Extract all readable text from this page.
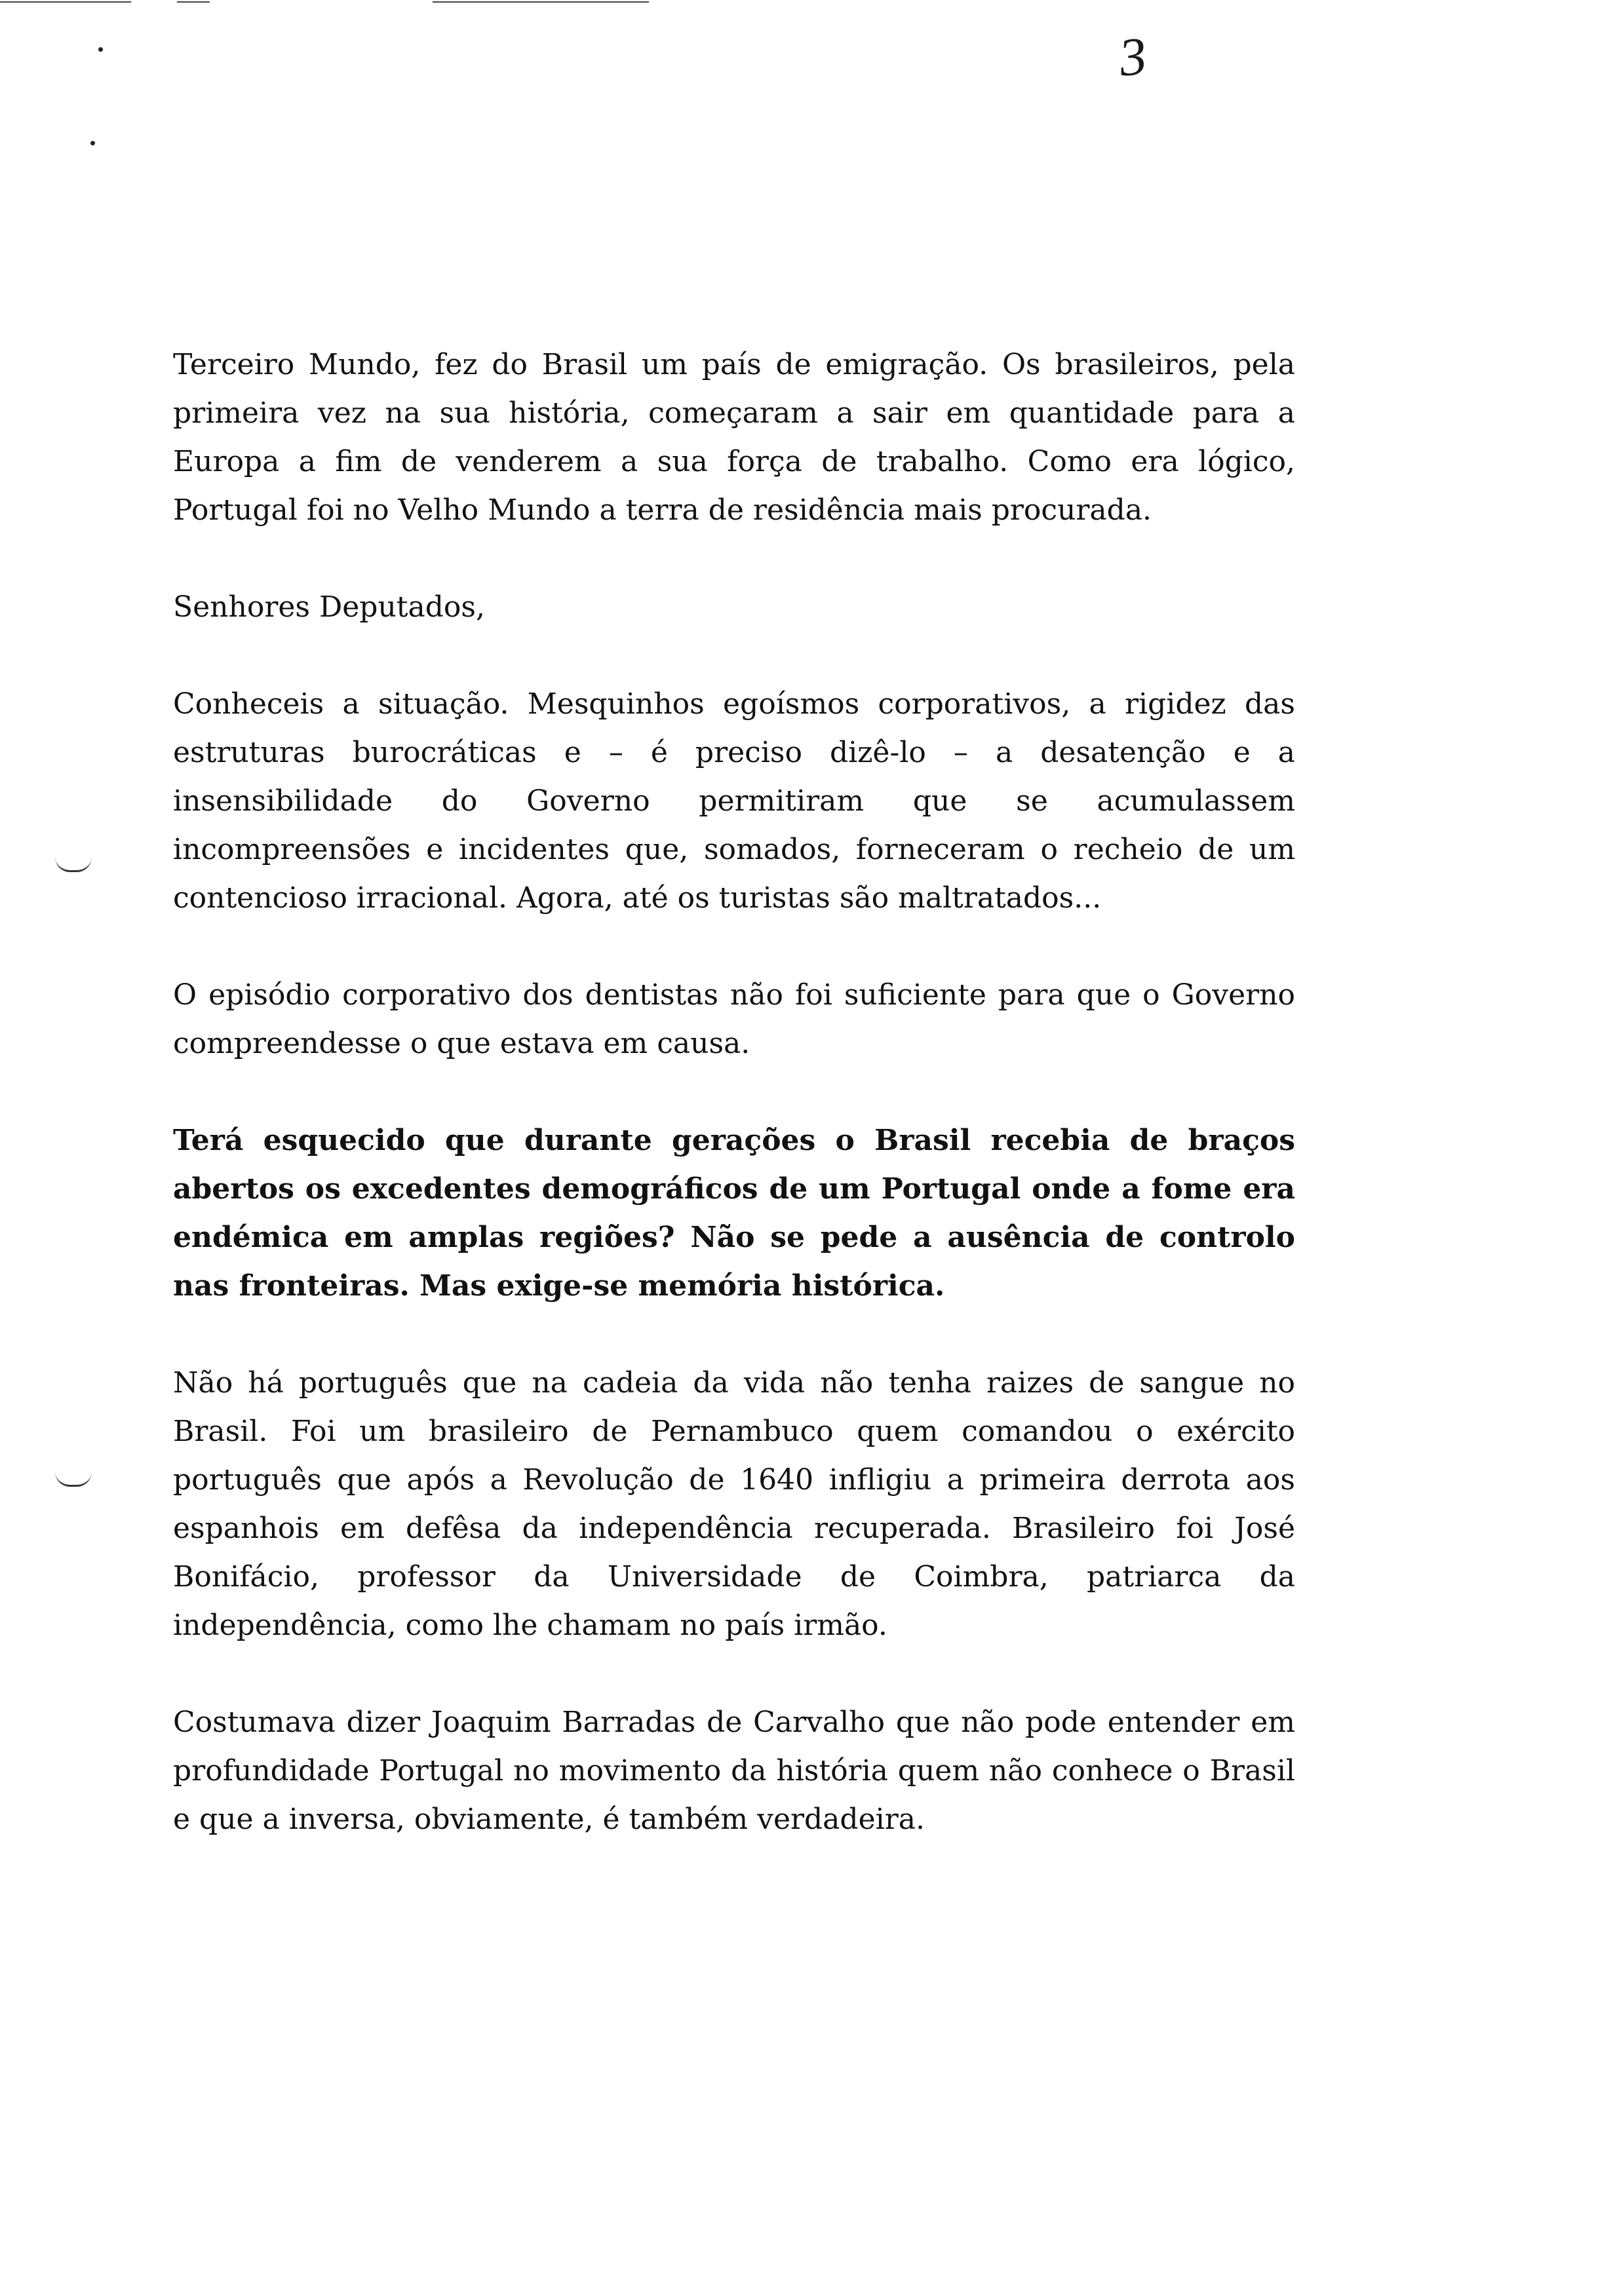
3

Terceiro Mundo, fez do Brasil um país de emigração. Os brasileiros, pela primeira vez na sua história, começaram a sair em quantidade para a Europa a fim de venderem a sua força de trabalho. Como era lógico, Portugal foi no Velho Mundo a terra de residência mais procurada.

Senhores Deputados,

Conheceis a situação. Mesquinhos egoísmos corporativos, a rigidez das estruturas burocráticas e – é preciso dizê-lo – a desatenção e a insensibilidade do Governo permitiram que se acumulassem incompreensões e incidentes que, somados, forneceram o recheio de um contencioso irracional. Agora, até os turistas são maltratados...

O episódio corporativo dos dentistas não foi suficiente para que o Governo compreendesse o que estava em causa.

Terá esquecido que durante gerações o Brasil recebia de braços abertos os excedentes demográficos de um Portugal onde a fome era endémica em amplas regiões? Não se pede a ausência de controlo nas fronteiras. Mas exige-se memória histórica.

Não há português que na cadeia da vida não tenha raizes de sangue no Brasil. Foi um brasileiro de Pernambuco quem comandou o exército português que após a Revolução de 1640 infligiu a primeira derrota aos espanhois em defêsa da independência recuperada. Brasileiro foi José Bonifácio, professor da Universidade de Coimbra, patriarca da independência, como lhe chamam no país irmão.

Costumava dizer Joaquim Barradas de Carvalho que não pode entender em profundidade Portugal no movimento da história quem não conhece o Brasil e que a inversa, obviamente, é também verdadeira.
